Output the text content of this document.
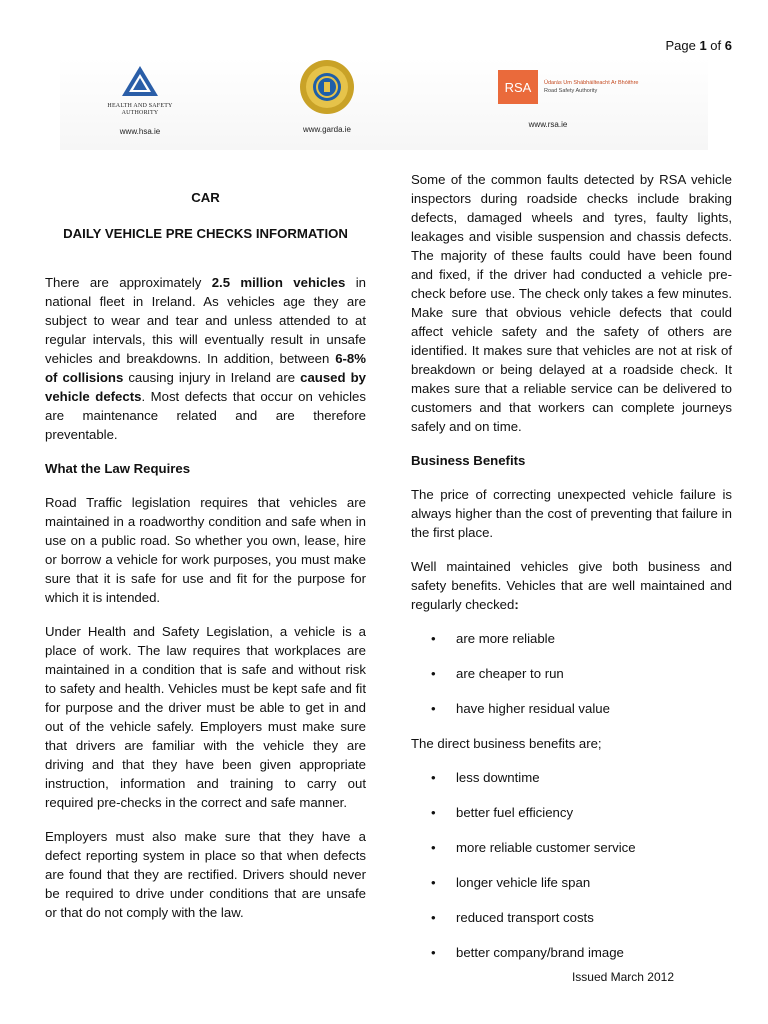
Page 1 of 6
HEALTH AND SAFETY
AUTHORITY
www.hsa.ie	www.garda.ie
RSA	Údarás Um Shábháilteacht Ar Bhóithre
Road Safety Authority
www.rsa.ie

CAR

DAILY VEHICLE PRE CHECKS INFORMATION

There are approximately 2.5 million vehicles in national fleet in Ireland. As vehicles age they are subject to wear and tear and unless attended to at regular intervals, this will eventually result in unsafe vehicles and breakdowns. In addition, between 6-8% of collisions causing injury in Ireland are caused by vehicle defects. Most defects that occur on vehicles are maintenance related and are therefore preventable.

What the Law Requires

Road Traffic legislation requires that vehicles are maintained in a roadworthy condition and safe when in use on a public road. So whether you own, lease, hire or borrow a vehicle for work purposes, you must make sure that it is safe for use and fit for the purpose for which it is intended.

Under Health and Safety Legislation, a vehicle is a place of work. The law requires that workplaces are maintained in a condition that is safe and without risk to safety and health. Vehicles must be kept safe and fit for purpose and the driver must be able to get in and out of the vehicle safely. Employers must make sure that drivers are familiar with the vehicle they are driving and that they have been given appropriate instruction, information and training to carry out required pre-checks in the correct and safe manner.

Employers must also make sure that they have a defect reporting system in place so that when defects are found that they are rectified. Drivers should never be required to drive under conditions that are unsafe or that do not comply with the law.

Some of the common faults detected by RSA vehicle inspectors during roadside checks include braking defects, damaged wheels and tyres, faulty lights, leakages and visible suspension and chassis defects. The majority of these faults could have been found and fixed, if the driver had conducted a vehicle pre-check before use. The check only takes a few minutes. Make sure that obvious vehicle defects that could affect vehicle safety and the safety of others are identified. It makes sure that vehicles are not at risk of breakdown or being delayed at a roadside check. It makes sure that a reliable service can be delivered to customers and that workers can complete journeys safely and on time.

Business Benefits

The price of correcting unexpected vehicle failure is always higher than the cost of preventing that failure in the first place.

Well maintained vehicles give both business and safety benefits. Vehicles that are well maintained and regularly checked:

• are more reliable
• are cheaper to run
• have higher residual value

The direct business benefits are;

• less downtime
• better fuel efficiency
• more reliable customer service
• longer vehicle life span
• reduced transport costs
• better company/brand image
Issued March 2012
